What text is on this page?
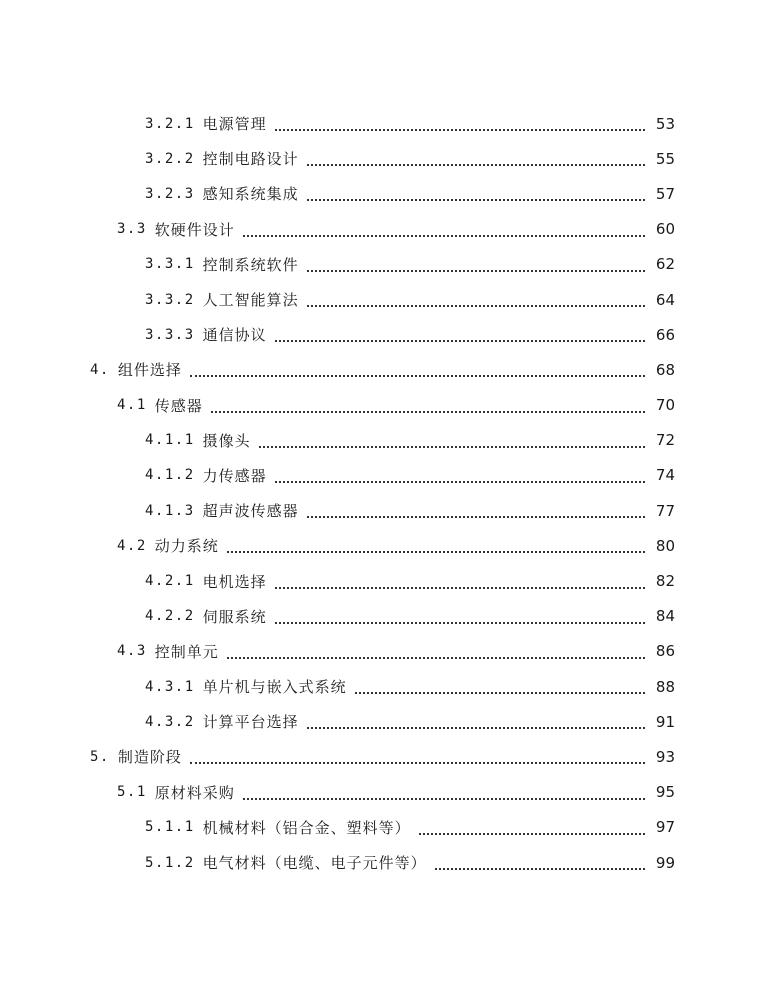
3.2.1 电源管理	53
3.2.2 控制电路设计	55
3.2.3 感知系统集成	57
3.3 软硬件设计	60
3.3.1 控制系统软件	62
3.3.2 人工智能算法	64
3.3.3 通信协议	66
4. 组件选择	68
4.1 传感器	70
4.1.1 摄像头	72
4.1.2 力传感器	74
4.1.3 超声波传感器	77
4.2 动力系统	80
4.2.1 电机选择	82
4.2.2 伺服系统	84
4.3 控制单元	86
4.3.1 单片机与嵌入式系统	88
4.3.2 计算平台选择	91
5. 制造阶段	93
5.1 原材料采购	95
5.1.1 机械材料（铝合金、塑料等）	97
5.1.2 电气材料（电缆、电子元件等）	99
